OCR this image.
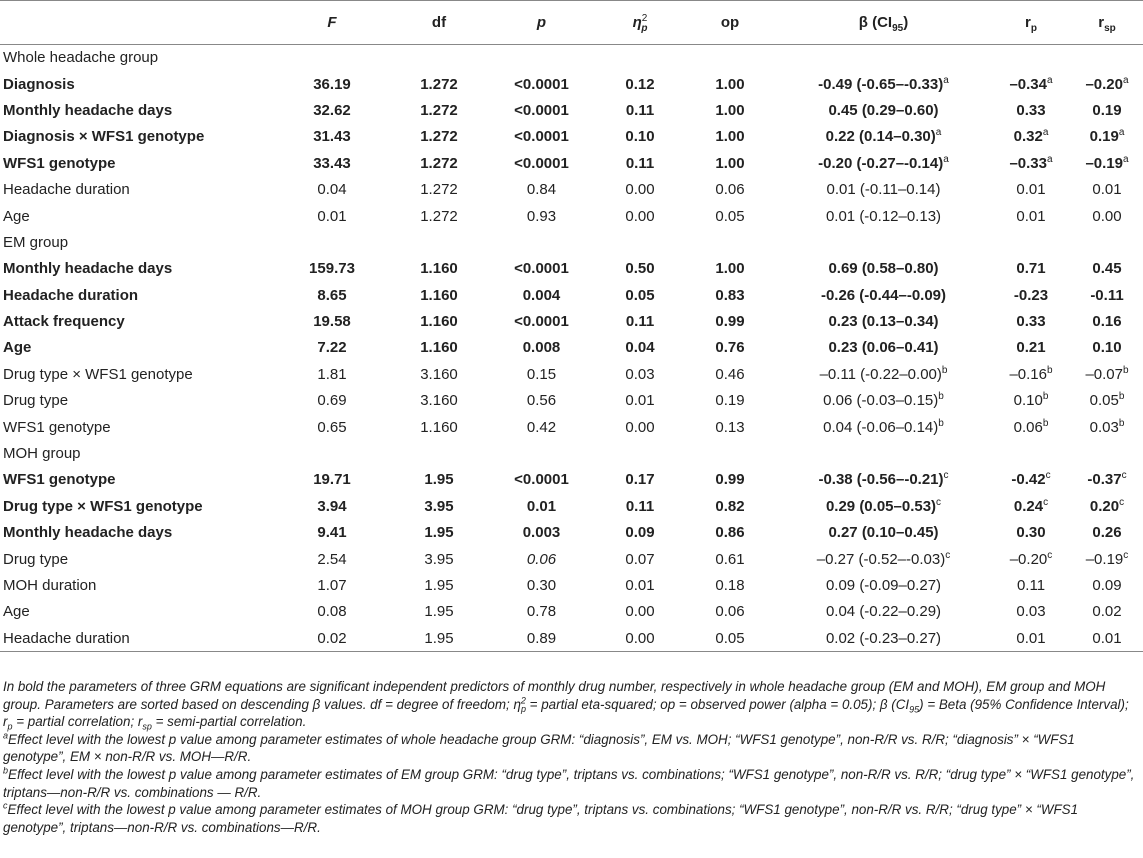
	F	df	p	$\eta^2_p$	op	β $(CI_{95})$	$r_p$	$r_{sp}$
Whole headache group								
Diagnosis	36.19	1.272	<0.0001	0.12	1.00	-0.49 $(-0.65--0.33)^a$	–0.34$^a$	–0.20$^a$
Monthly headache days	32.62	1.272	<0.0001	0.11	1.00	0.45 (0.29–0.60)	0.33	0.19
Diagnosis × WFS1 genotype	31.43	1.272	<0.0001	0.10	1.00	0.22 $(0.14-0.30)^a$	0.32$^a$	0.19$^a$
WFS1 genotype	33.43	1.272	<0.0001	0.11	1.00	-0.20 $(-0.27--0.14)^a$	–0.33$^a$	–0.19$^a$
Headache duration	0.04	1.272	0.84	0.00	0.06	0.01 (-0.11–0.14)	0.01	0.01
Age	0.01	1.272	0.93	0.00	0.05	0.01 (-0.12–0.13)	0.01	0.00
EM group								
Monthly headache days	159.73	1.160	<0.0001	0.50	1.00	0.69 (0.58–0.80)	0.71	0.45
Headache duration	8.65	1.160	0.004	0.05	0.83	-0.26 (-0.44–-0.09)	-0.23	-0.11
Attack frequency	19.58	1.160	<0.0001	0.11	0.99	0.23 (0.13–0.34)	0.33	0.16
Age	7.22	1.160	0.008	0.04	0.76	0.23 (0.06–0.41)	0.21	0.10
Drug type × WFS1 genotype	1.81	3.160	0.15	0.03	0.46	–0.11 $(-0.22-0.00)^b$	–0.16$^b$	–0.07$^b$
Drug type	0.69	3.160	0.56	0.01	0.19	0.06 $(-0.03-0.15)^b$	0.10$^b$	0.05$^b$
WFS1 genotype	0.65	1.160	0.42	0.00	0.13	0.04 $(-0.06-0.14)^b$	0.06$^b$	0.03$^b$
MOH group								
WFS1 genotype	19.71	1.95	<0.0001	0.17	0.99	-0.38 $(-0.56--0.21)^c$	-0.42$^c$	-0.37$^c$
Drug type × WFS1 genotype	3.94	3.95	0.01	0.11	0.82	0.29 $(0.05-0.53)^c$	0.24$^c$	0.20$^c$
Monthly headache days	9.41	1.95	0.003	0.09	0.86	0.27 (0.10–0.45)	0.30	0.26
Drug type	2.54	3.95	0.06	0.07	0.61	–0.27 $(-0.52--0.03)^c$	–0.20$^c$	–0.19$^c$
MOH duration	1.07	1.95	0.30	0.01	0.18	0.09 (-0.09–0.27)	0.11	0.09
Age	0.08	1.95	0.78	0.00	0.06	0.04 (-0.22–0.29)	0.03	0.02
Headache duration	0.02	1.95	0.89	0.00	0.05	0.02 (-0.23–0.27)	0.01	0.01

In bold the parameters of three GRM equations are significant independent predictors of monthly drug number, respectively in whole headache group (EM and MOH), EM group and MOH group. Parameters are sorted based on descending β values. df = degree of freedom; $\eta^2_p$ = partial eta-squared; op = observed power (alpha = 0.05); β $(CI_{95})$ = Beta (95% Confidence Interval); $r_p$ = partial correlation; $r_{sp}$ = semi-partial correlation.

$^a$Effect level with the lowest p value among parameter estimates of whole headache group GRM: “diagnosis”, EM vs. MOH; “WFS1 genotype”, non-R/R vs. R/R; “diagnosis” × “WFS1 genotype”, EM × non-R/R vs. MOH—R/R.

$^b$Effect level with the lowest p value among parameter estimates of EM group GRM: “drug type”, triptans vs. combinations; “WFS1 genotype”, non-R/R vs. R/R; “drug type” × “WFS1 genotype”, triptans—non-R/R vs. combinations — R/R.

$^c$Effect level with the lowest p value among parameter estimates of MOH group GRM: “drug type”, triptans vs. combinations; “WFS1 genotype”, non-R/R vs. R/R; “drug type” × “WFS1 genotype”, triptans—non-R/R vs. combinations—R/R.
